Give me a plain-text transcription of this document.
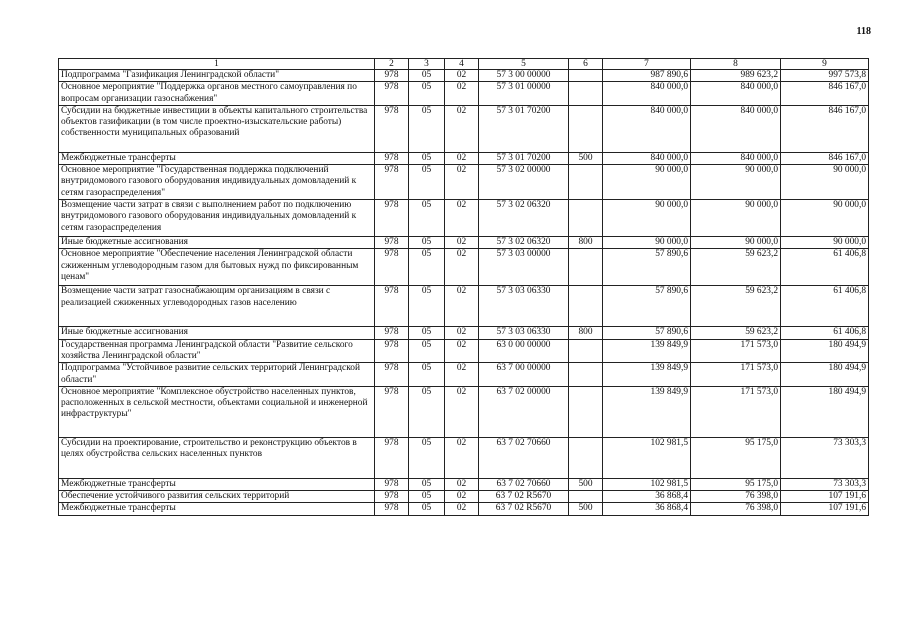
118
1	2	3	4	5	6	7	8	9
Подпрограмма "Газификация Ленинградской области"	978	05	02	57 3 00 00000		987 890,6	989 623,2	997 573,8
Основное мероприятие "Поддержка органов местного самоуправления по вопросам организации газоснабжения"	978	05	02	57 3 01 00000		840 000,0	840 000,0	846 167,0
Субсидии на бюджетные инвестиции в объекты капитального строительства объектов газификации (в том числе проектно-изыскательские работы) собственности муниципальных образований	978	05	02	57 3 01 70200		840 000,0	840 000,0	846 167,0
Межбюджетные трансферты	978	05	02	57 3 01 70200	500	840 000,0	840 000,0	846 167,0
Основное мероприятие "Государственная поддержка подключений внутридомового газового оборудования индивидуальных домовладений к сетям газораспределения"	978	05	02	57 3 02 00000		90 000,0	90 000,0	90 000,0
Возмещение части затрат в связи с выполнением работ по подключению внутридомового газового оборудования индивидуальных домовладений к сетям газораспределения	978	05	02	57 3 02 06320		90 000,0	90 000,0	90 000,0
Иные бюджетные ассигнования	978	05	02	57 3 02 06320	800	90 000,0	90 000,0	90 000,0
Основное мероприятие "Обеспечение населения Ленинградской области сжиженным углеводородным газом для бытовых нужд по фиксированным ценам"	978	05	02	57 3 03 00000		57 890,6	59 623,2	61 406,8
Возмещение части затрат газоснабжающим организациям в связи с реализацией сжиженных углеводородных газов населению	978	05	02	57 3 03 06330		57 890,6	59 623,2	61 406,8
Иные бюджетные ассигнования	978	05	02	57 3 03 06330	800	57 890,6	59 623,2	61 406,8
Государственная программа Ленинградской области "Развитие сельского хозяйства Ленинградской области"	978	05	02	63 0 00 00000		139 849,9	171 573,0	180 494,9
Подпрограмма "Устойчивое развитие сельских территорий Ленинградской области"	978	05	02	63 7 00 00000		139 849,9	171 573,0	180 494,9
Основное мероприятие "Комплексное обустройство населенных пунктов, расположенных в сельской местности, объектами социальной и инженерной инфраструктуры"	978	05	02	63 7 02 00000		139 849,9	171 573,0	180 494,9
Субсидии на проектирование, строительство и реконструкцию объектов в целях обустройства сельских населенных пунктов	978	05	02	63 7 02 70660		102 981,5	95 175,0	73 303,3
Межбюджетные трансферты	978	05	02	63 7 02 70660	500	102 981,5	95 175,0	73 303,3
Обеспечение устойчивого развития сельских территорий	978	05	02	63 7 02 R5670		36 868,4	76 398,0	107 191,6
Межбюджетные трансферты	978	05	02	63 7 02 R5670	500	36 868,4	76 398,0	107 191,6
